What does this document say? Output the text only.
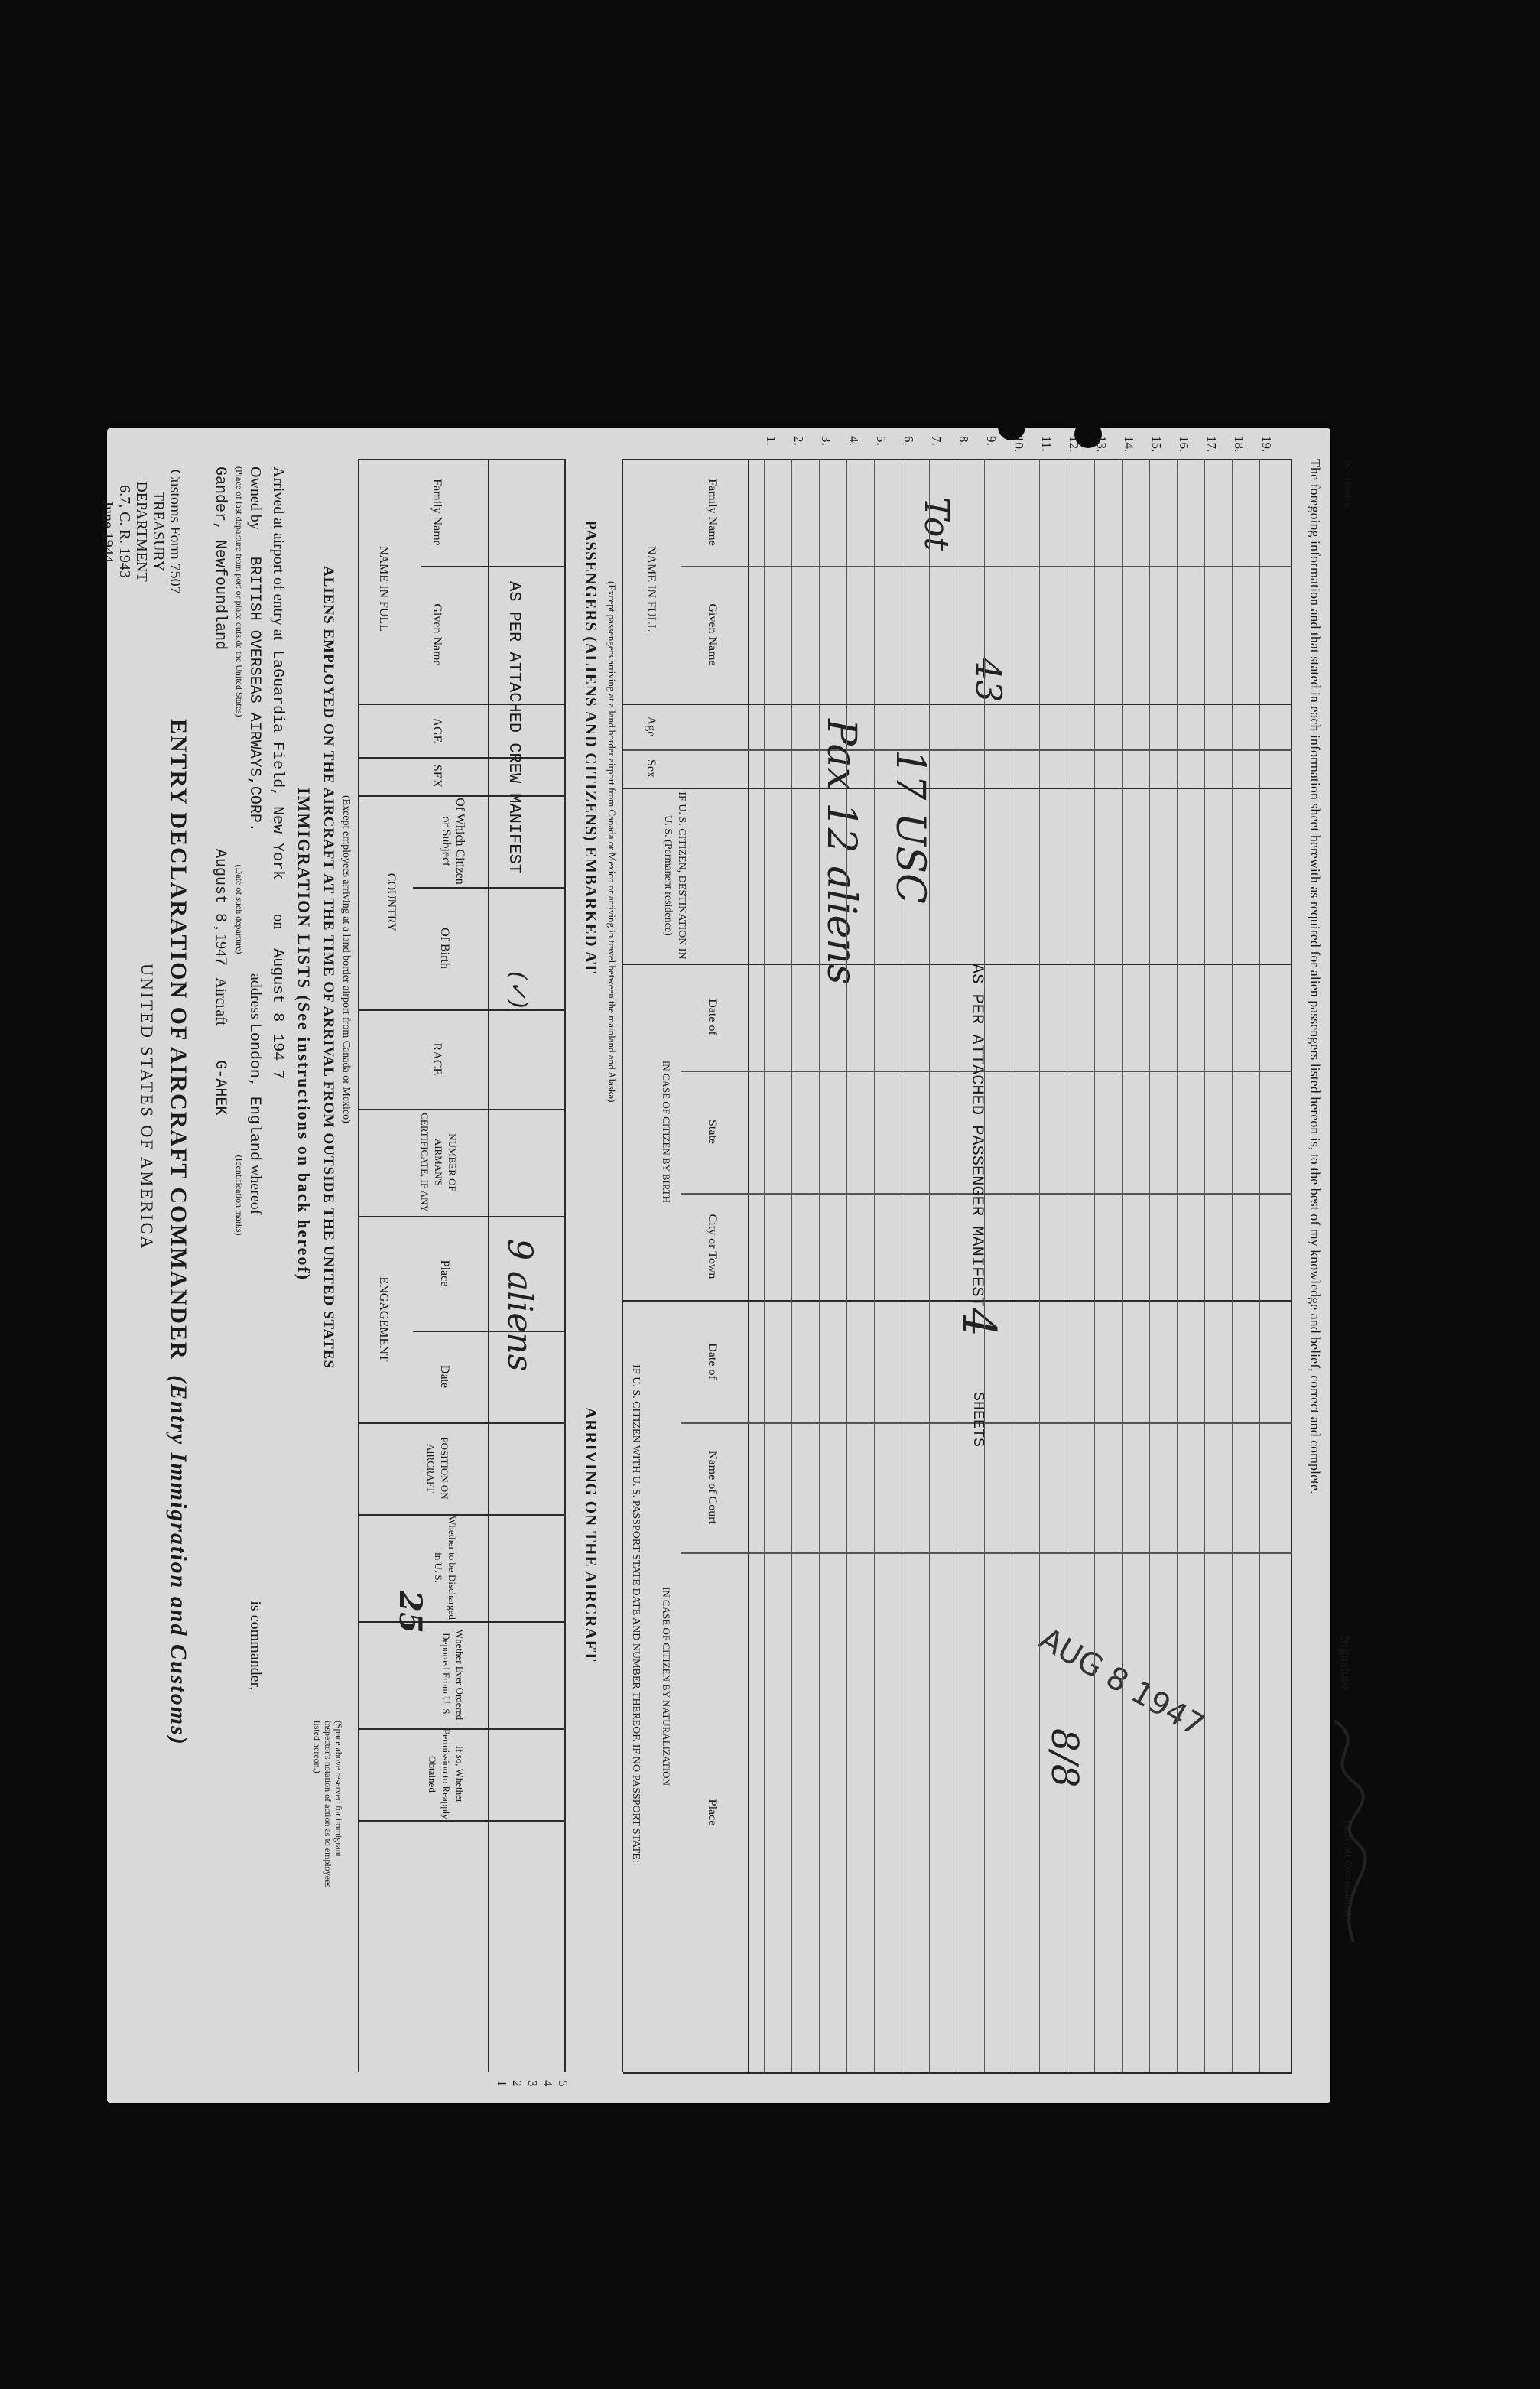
Customs Form 7507
TREASURY DEPARTMENT
6.7, C. R. 1943
June 1944
UNITED STATES OF AMERICA ENTRY DECLARATION OF AIRCRAFT COMMANDER (Entry Immigration and Customs)
Gander, Newfoundland  August 8 , 1947 Aircraft G-AHEK
(Place of last departure from port or place outside the United States) (Date of such departure) (Identification marks)
Owned by BRITISH OVERSEAS AIRWAYS,CORP. address London, England whereof is commander,
Arrived at airport of entry at LaGuardia Field, New York on August 8 194 7 IMMIGRATION LISTS (See instructions on back hereof) ALIENS EMPLOYED ON THE AIRCRAFT AT THE TIME OF ARRIVAL FROM OUTSIDE THE UNITED STATES (Except employees arriving at a land border airport from Canada or Mexico)
(Space above reserved for immigrant inspector's notation of action as to employees listed hereon.)
NAME IN FULL
Family Name
Given Name
AGE
SEX
COUNTRY
Of Which Citizen or Subject
Of Birth
RACE
NUMBER OF AIRMAN'S CERTIFICATE, IF ANY
ENGAGEMENT
Place
Date
POSITION ON AIRCRAFT
Whether to be Discharged in U. S.
Whether Ever Ordered Deported From U. S.
If so, Whether Permission to Reapply Obtained
AS PER ATTACHED CREW MANIFEST
(✓)
9 aliens
25
PASSENGERS (ALIENS AND CITIZENS) EMBARKED AT
ARRIVING ON THE AIRCRAFT
(Except passengers arriving at a land border airport from Canada or Mexico or arriving in travel between the mainland and Alaska) NAME IN FULL
Family Name
Given Name
Age
Sex
IF U. S. CITIZEN, DESTINATION IN U. S. (Permanent residence)
IF U. S. CITIZEN WITH U. S. PASSPORT STATE DATE AND NUMBER THEREOF. IF NO PASSPORT STATE:
IN CASE OF CITIZEN BY BIRTH
Date of
State
City or Town
IN CASE OF CITIZEN BY NATURALIZATION
Date of
Name of Court
Place
AS PER ATTACHED PASSENGER MANIFEST
4
SHEETS
Pax 12 aliens 17 USC
43
Tot
AUG 8 1947
8/8
1. 2. 3. 4. 5. 6. 7. 8. 9. 10. 11. 12. 13. 14. 15. 16. 17. 18. 19.
1 2 3 4 5
The foregoing information and that stated in each information sheet herewith as required for alien passengers listed hereon is, to the best of my knowledge and belief, correct and complete.
Signature
(Aircraft Commander)
16—18888-6
